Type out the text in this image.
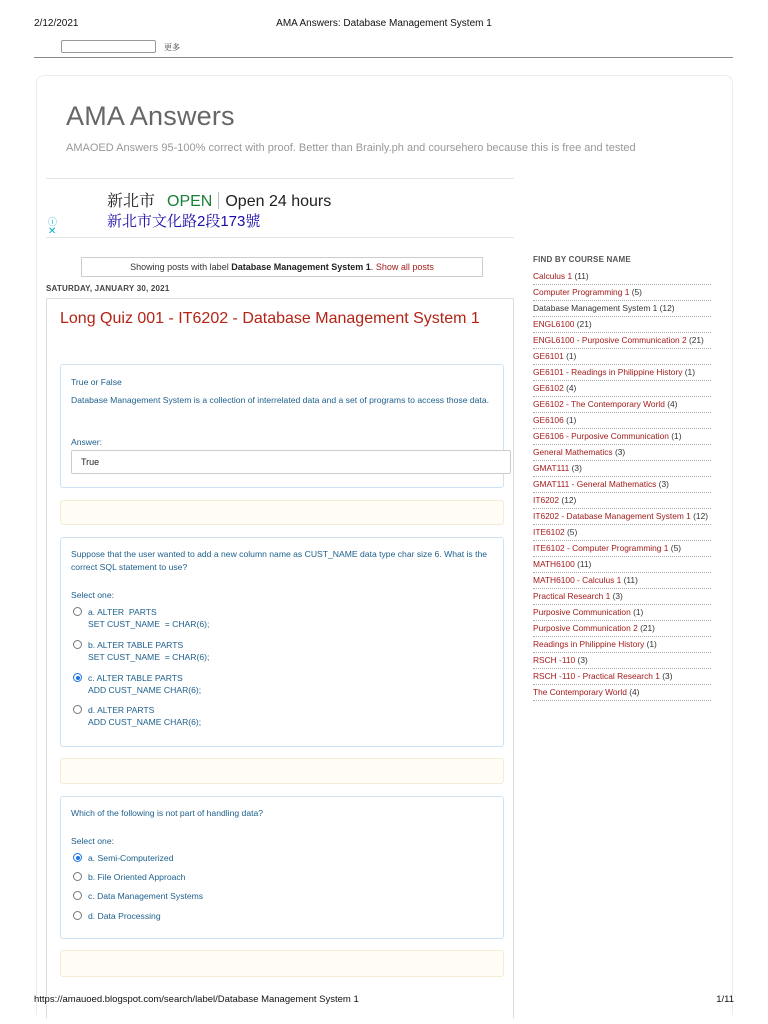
2/12/2021	AMA Answers: Database Management System 1
更多
AMA Answers
AMAOED Answers 95-100% correct with proof. Better than Brainly.ph and coursehero because this is free and tested
新北市 OPEN Open 24 hours
新北市文化路2段173號
ⓘ
✕
Showing posts with label Database Management System 1. Show all posts
SATURDAY, JANUARY 30, 2021
Long Quiz 001 - IT6202 - Database Management System 1
True or False
Database Management System is a collection of interrelated data and a set of programs to access those data.
Answer:
True
Suppose that the user wanted to add a new column name as CUST_NAME data type char size 6. What is the correct SQL statement to use?
Select one:
a. ALTER  PARTS
SET CUST_NAME  = CHAR(6);
b. ALTER TABLE PARTS
SET CUST_NAME  = CHAR(6);
c. ALTER TABLE PARTS
ADD CUST_NAME CHAR(6);
d. ALTER PARTS
ADD CUST_NAME CHAR(6);
Which of the following is not part of handling data?
Select one:
a. Semi-Computerized
b. File Oriented Approach
c. Data Management Systems
d. Data Processing
FIND BY COURSE NAME
Calculus 1 (11)
Computer Programming 1 (5)
Database Management System 1 (12)
ENGL6100 (21)
ENGL6100 - Purposive Communication 2 (21)
GE6101 (1)
GE6101 - Readings in Philippine History (1)
GE6102 (4)
GE6102 - The Contemporary World (4)
GE6106 (1)
GE6106 - Purposive Communication (1)
General Mathematics (3)
GMAT111 (3)
GMAT111 - General Mathematics (3)
IT6202 (12)
IT6202 - Database Management System 1 (12)
ITE6102 (5)
ITE6102 - Computer Programming 1 (5)
MATH6100 (11)
MATH6100 - Calculus 1 (11)
Practical Research 1 (3)
Purposive Communication (1)
Purposive Communication 2 (21)
Readings in Philippine History (1)
RSCH -110 (3)
RSCH -110 - Practical Research 1 (3)
The Contemporary World (4)
https://amauoed.blogspot.com/search/label/Database Management System 1	1/11
